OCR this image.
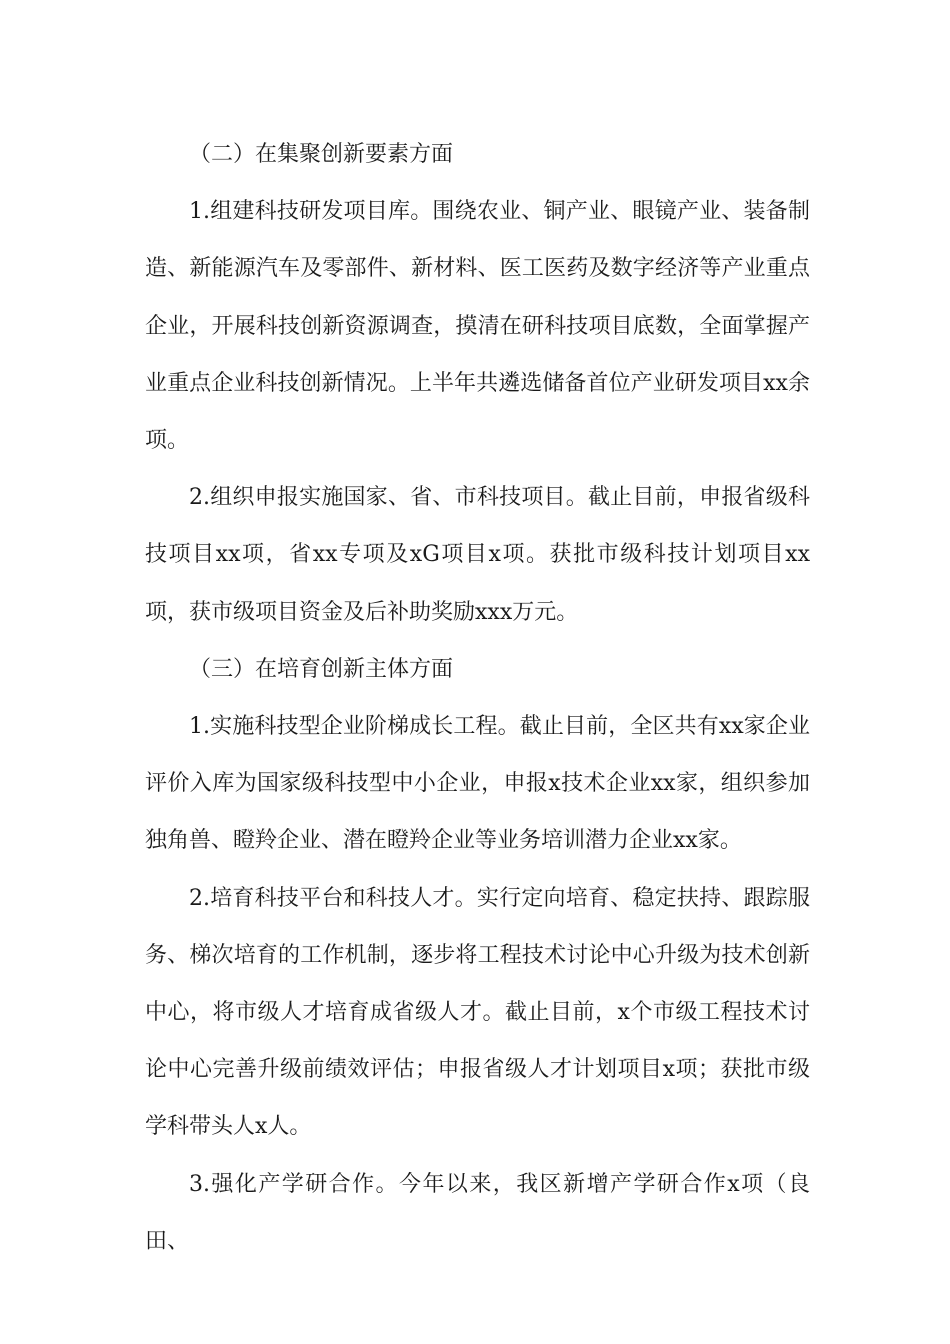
（二）在集聚创新要素方面

1.组建科技研发项目库。围绕农业、铜产业、眼镜产业、装备制造、新能源汽车及零部件、新材料、医工医药及数字经济等产业重点企业，开展科技创新资源调查，摸清在研科技项目底数，全面掌握产业重点企业科技创新情况。上半年共遴选储备首位产业研发项目xx余项。

2.组织申报实施国家、省、市科技项目。截止目前，申报省级科技项目xx项，省xx专项及xG项目x项。获批市级科技计划项目xx项，获市级项目资金及后补助奖励xxx万元。

（三）在培育创新主体方面

1.实施科技型企业阶梯成长工程。截止目前，全区共有xx家企业评价入库为国家级科技型中小企业，申报x技术企业xx家，组织参加独角兽、瞪羚企业、潜在瞪羚企业等业务培训潜力企业xx家。

2.培育科技平台和科技人才。实行定向培育、稳定扶持、跟踪服务、梯次培育的工作机制，逐步将工程技术讨论中心升级为技术创新中心，将市级人才培育成省级人才。截止目前，x个市级工程技术讨论中心完善升级前绩效评估；申报省级人才计划项目x项；获批市级学科带头人x人。

3.强化产学研合作。今年以来，我区新增产学研合作x项（良田、
